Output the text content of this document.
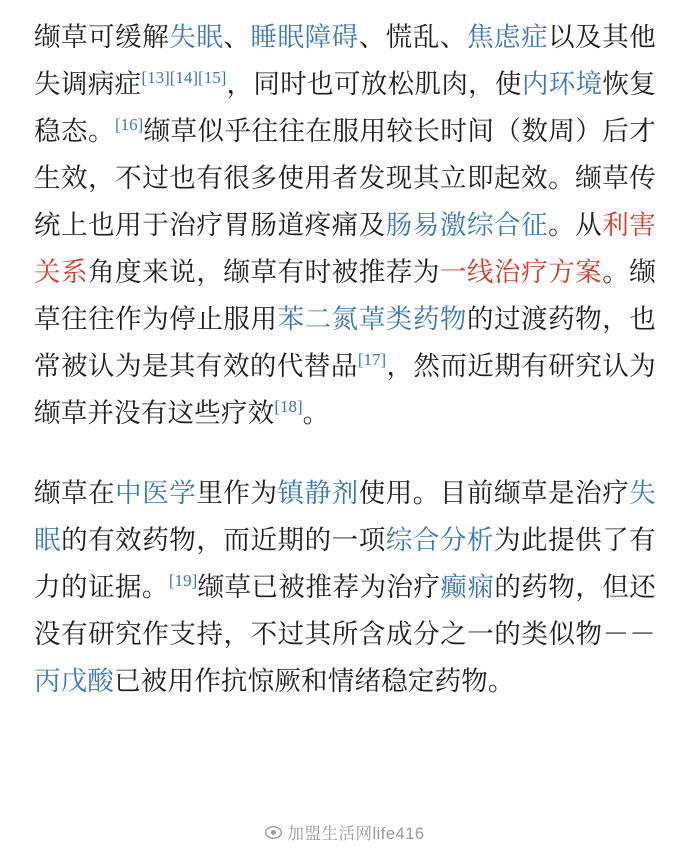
缬草可缓解失眠、睡眠障碍、慌乱、焦虑症以及其他失调病症[13][14][15]，同时也可放松肌肉，使内环境恢复稳态。[16]缬草似乎往往在服用较长时间（数周）后才生效，不过也有很多使用者发现其立即起效。缬草传统上也用于治疗胃肠道疼痛及肠易激综合征。从利害关系角度来说，缬草有时被推荐为一线治疗方案。缬草往往作为停止服用苯二氮䓬类药物的过渡药物，也常被认为是其有效的代替品[17]，然而近期有研究认为缬草并没有这些疗效[18]。

缬草在中医学里作为镇静剂使用。目前缬草是治疗失眠的有效药物，而近期的一项综合分析为此提供了有力的证据。[19]缬草已被推荐为治疗癫痫的药物，但还没有研究作支持，不过其所含成分之一的类似物－－丙戊酸已被用作抗惊厥和情绪稳定药物。

加盟生活网life416
